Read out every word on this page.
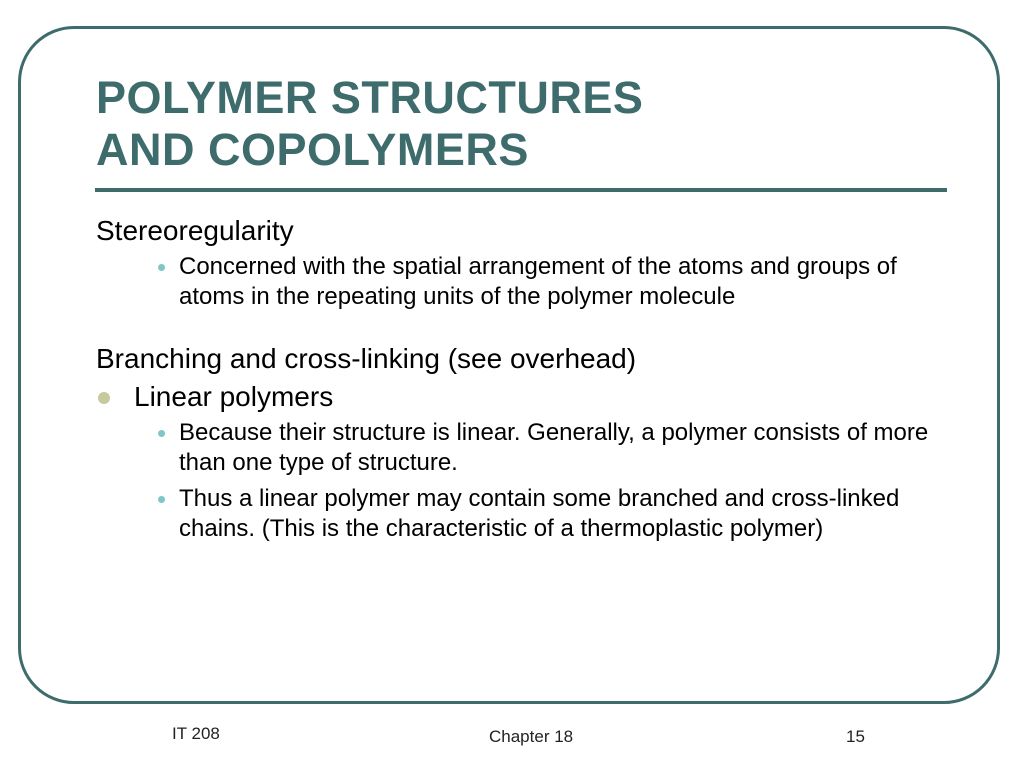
POLYMER STRUCTURES
AND COPOLYMERS

Stereoregularity

• Concerned with the spatial arrangement of the atoms and groups of atoms in the repeating units of the polymer molecule

Branching and cross-linking (see overhead)

Linear polymers
• Because their structure is linear. Generally, a polymer consists of more than one type of structure.
• Thus a linear polymer may contain some branched and cross-linked chains. (This is the characteristic of a thermoplastic polymer)
IT 208	Chapter 18	15
